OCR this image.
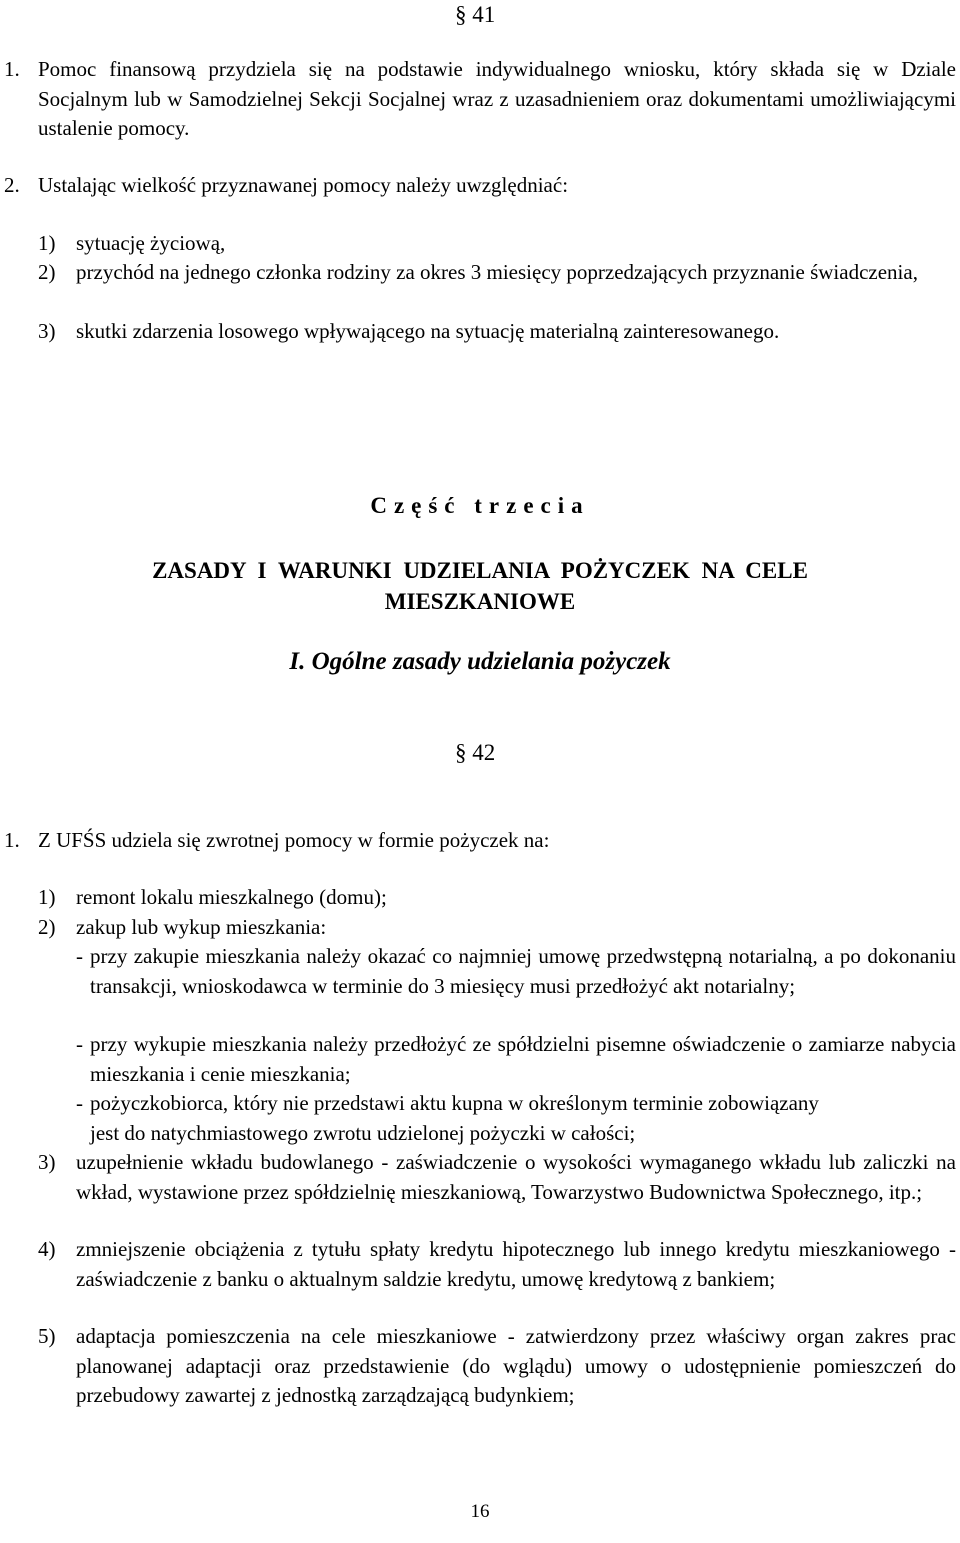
§ 41
1. Pomoc finansową przydziela się na podstawie indywidualnego wniosku, który składa się w Dziale Socjalnym lub w Samodzielnej Sekcji Socjalnej wraz z uzasadnieniem oraz dokumentami umożliwiającymi ustalenie pomocy.
2. Ustalając wielkość przyznawanej pomocy należy uwzględniać:
1) sytuację życiową,
2) przychód na jednego członka rodziny za okres 3 miesięcy poprzedzających przyznanie świadczenia,
3) skutki zdarzenia losowego wpływającego na sytuację materialną zainteresowanego.
Część trzecia
ZASADY I WARUNKI UDZIELANIA POŻYCZEK NA CELE MIESZKANIOWE
I. Ogólne zasady udzielania pożyczek
§ 42
1. Z UFŚS udziela się zwrotnej pomocy w formie pożyczek na:
1) remont lokalu mieszkalnego (domu);
2) zakup lub wykup mieszkania:
- przy zakupie mieszkania należy okazać co najmniej umowę przedwstępną notarialną, a po dokonaniu transakcji, wnioskodawca w terminie do 3 miesięcy musi przedłożyć akt notarialny;
- przy wykupie mieszkania należy przedłożyć ze spółdzielni pisemne oświadczenie o zamiarze nabycia mieszkania i cenie mieszkania;
- pożyczkobiorca, który nie przedstawi aktu kupna w określonym terminie zobowiązany jest do natychmiastowego zwrotu udzielonej pożyczki w całości;
3) uzupełnienie wkładu budowlanego - zaświadczenie o wysokości wymaganego wkładu lub zaliczki na wkład, wystawione przez spółdzielnię mieszkaniową, Towarzystwo Budownictwa Społecznego, itp.;
4) zmniejszenie obciążenia z tytułu spłaty kredytu hipotecznego lub innego kredytu mieszkaniowego - zaświadczenie z banku o aktualnym saldzie kredytu, umowę kredytową z bankiem;
5) adaptacja pomieszczenia na cele mieszkaniowe - zatwierdzony przez właściwy organ zakres prac planowanej adaptacji oraz przedstawienie (do wglądu) umowy o udostępnienie pomieszczeń do przebudowy zawartej z jednostką zarządzającą budynkiem;
16
